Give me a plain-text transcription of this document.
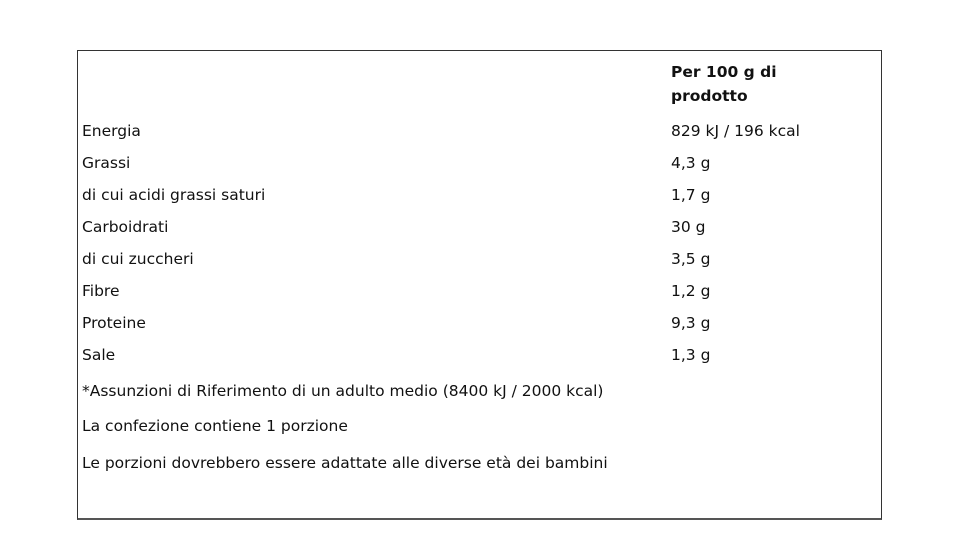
	Per 100 g di prodotto

Energia	829 kJ / 196 kcal
Grassi	4,3 g
di cui acidi grassi saturi	1,7 g
Carboidrati	30 g
di cui zuccheri	3,5 g
Fibre	1,2 g
Proteine	9,3 g
Sale	1,3 g

*Assunzioni di Riferimento di un adulto medio (8400 kJ / 2000 kcal)	

La confezione contiene 1 porzione	

Le porzioni dovrebbero essere adattate alle diverse età dei bambini	
